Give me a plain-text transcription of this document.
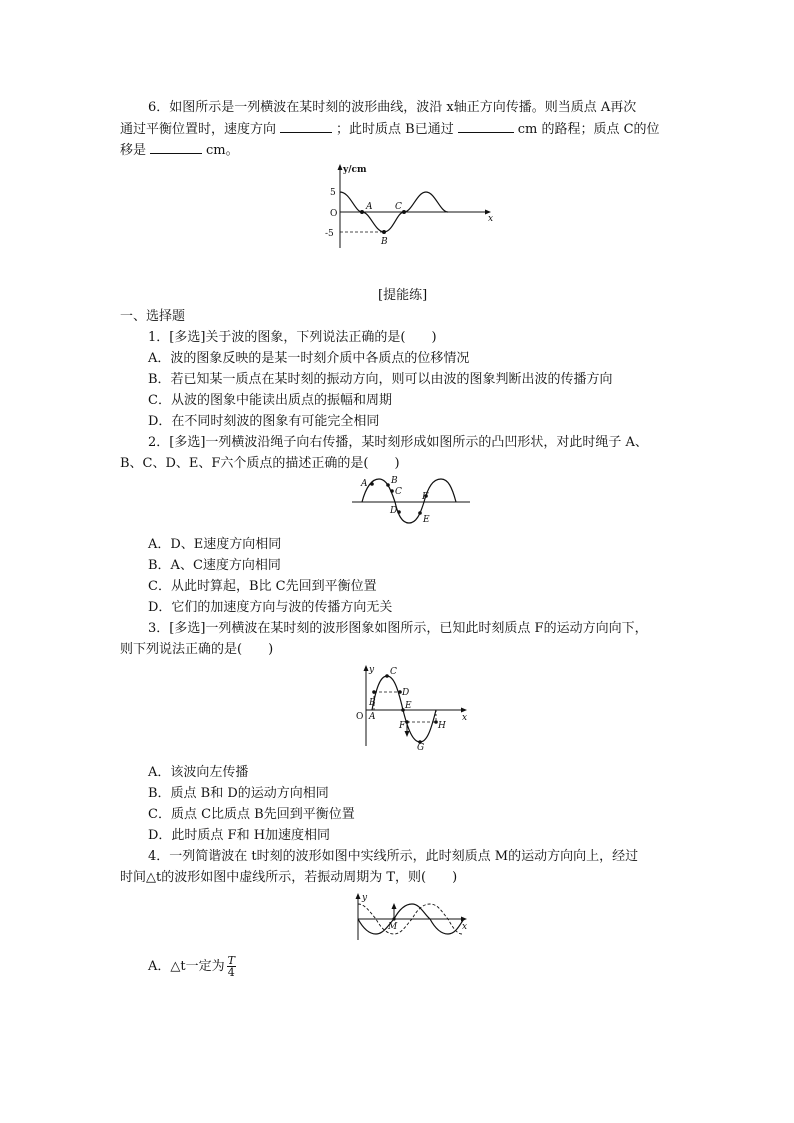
6．如图所示是一列横波在某时刻的波形曲线，波沿 x轴正方向传播。则当质点 A再次
通过平衡位置时，速度方向	；此时质点 B已通过	cm 的路程；质点 C的位
移是	cm。
y/cm
x
O
5
-5
A
B
C
[提能练]
一、选择题
1．[多选]关于波的图象，下列说法正确的是(　　)
A．波的图象反映的是某一时刻介质中各质点的位移情况
B．若已知某一质点在某时刻的振动方向，则可以由波的图象判断出波的传播方向
C．从波的图象中能读出质点的振幅和周期
D．在不同时刻波的图象有可能完全相同
2．[多选]一列横波沿绳子向右传播，某时刻形成如图所示的凸凹形状，对此时绳子 A、
B、C、D、E、F六个质点的描述正确的是(　　)
A	B
C
D
E
F
A．D、E速度方向相同
B．A、C速度方向相同
C．从此时算起，B比 C先回到平衡位置
D．它们的加速度方向与波的传播方向无关
3．[多选]一列横波在某时刻的波形图象如图所示，已知此时刻质点 F的运动方向向下，
则下列说法正确的是(　　)
y
x
O A
B
C
D
E
F
G
H
A．该波向左传播
B．质点 B和 D的运动方向相同
C．质点 C比质点 B先回到平衡位置
D．此时质点 F和 H加速度相同
4．一列简谐波在 t时刻的波形如图中实线所示，此时刻质点 M的运动方向向上，经过
时间△t的波形如图中虚线所示，若振动周期为 T，则(　　)
y
x
M
A．△t一定为 $\frac{T}{4}$
